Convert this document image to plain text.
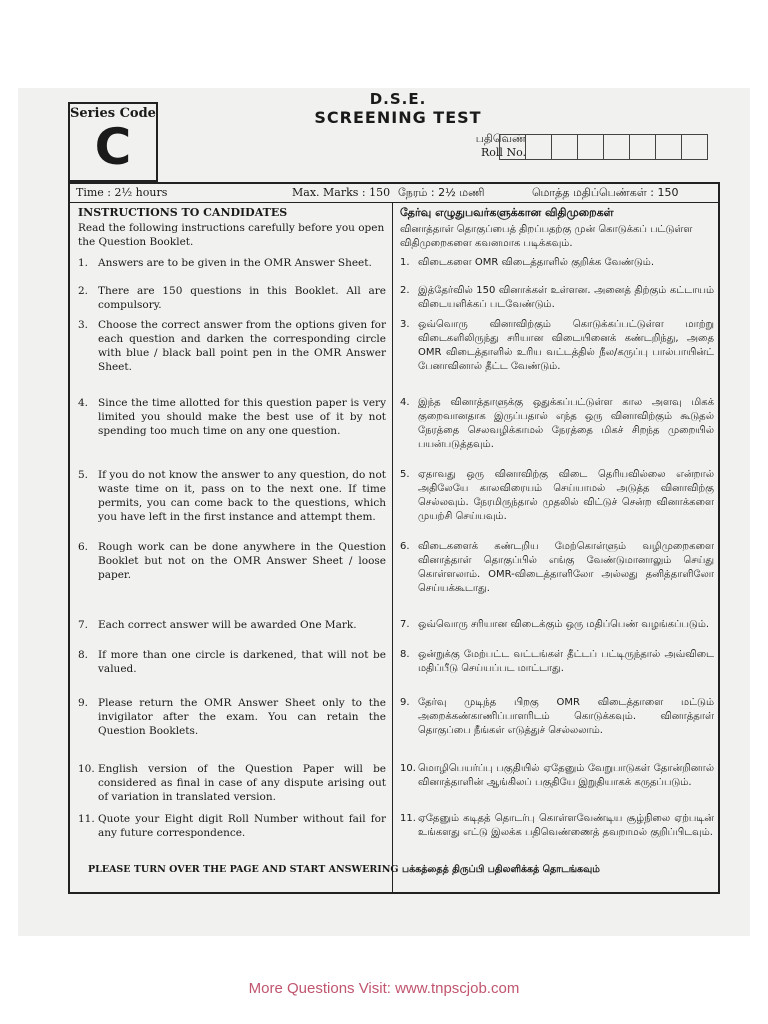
Series Code
C
D.S.E.
SCREENING TEST
பதிவெண்
Roll No.
Time : 2½ hours	Max. Marks : 150 நேரம் : 2½ மணி	மொத்த மதிப்பெண்கள் : 150
INSTRUCTIONS TO CANDIDATES

Read the following instructions carefully before you open the Question Booklet.

1. Answers are to be given in the OMR Answer Sheet.
2. There are 150 questions in this Booklet. All are compulsory.
3. Choose the correct answer from the options given for each question and darken the corresponding circle with blue / black ball point pen in the OMR Answer Sheet.
4. Since the time allotted for this question paper is very limited you should make the best use of it by not spending too much time on any one question.
5. If you do not know the answer to any question, do not waste time on it, pass on to the next one. If time permits, you can come back to the questions, which you have left in the first instance and attempt them.
6. Rough work can be done anywhere in the Question Booklet but not on the OMR Answer Sheet / loose paper.
7. Each correct answer will be awarded One Mark.
8. If more than one circle is darkened, that will not be valued.
9. Please return the OMR Answer Sheet only to the invigilator after the exam. You can retain the Question Booklets.
10. English version of the Question Paper will be considered as final in case of any dispute arising out of variation in translated version.
11. Quote your Eight digit Roll Number without fail for any future correspondence.
தேர்வு எழுதுபவர்களுக்கான விதிமுறைகள்

வினாத்தாள் தொகுப்பைத் திறப்பதற்கு முன் கொடுக்கப் பட்டுள்ள விதிமுறைகளை கவனமாக படிக்கவும்.

1. விடைகளை OMR விடைத்தாளில் குறிக்க வேண்டும்.
2. இத்தேர்வில் 150 வினாக்கள் உள்ளன. அனைத் திற்கும் கட்டாயம் விடையளிக்கப் படவேண்டும்.
3. ஒவ்வொரு வினாவிற்கும் கொடுக்கப்பட்டுள்ள மாற்று விடைகளிலிருந்து சரியான விடையினைக் கண்டறிந்து, அதை OMR விடைத்தாளில் உரிய வட்டத்தில் நீல/கருப்பு பால்பாயின்ட் பேனாவினால் தீட்ட வேண்டும்.
4. இந்த வினாத்தாளுக்கு ஒதுக்கப்பட்டுள்ள கால அளவு மிகக் குறைவானதாக இருப்பதால் எந்த ஒரு வினாவிற்கும் கூடுதல் நேரத்தை செலவழிக்காமல் நேரத்தை மிகச் சிறந்த முறையில் பயன்படுத்தவும்.
5. ஏதாவது ஒரு வினாவிற்கு விடை தெரியவில்லை என்றால் அதிலேயே காலவிரையம் செய்யாமல் அடுத்த வினாவிற்கு செல்லவும். நேரமிருந்தால் முதலில் விட்டுச் சென்ற வினாக்களை முயற்சி செய்யவும்.
6. விடைகளைக் கண்டறிய மேற்கொள்ளும் வழிமுறைகளை வினாத்தாள் தொகுப்பில் எங்கு வேண்டுமானாலும் செய்து கொள்ளலாம். OMR-விடைத்தாளிலோ அல்லது தனித்தாளிலோ செய்யக்கூடாது.
7. ஒவ்வொரு சரியான விடைக்கும் ஒரு மதிப்பெண் வழங்கப்படும்.
8. ஒன்றுக்கு மேற்பட்ட வட்டங்கள் தீட்டப் பட்டிருந்தால் அவ்விடை மதிப்பீடு செய்யப்பட மாட்டாது.
9. தேர்வு முடிந்த பிறகு OMR விடைத்தாளை மட்டும் அறைக்கண்காணிப்பாளரிடம் கொடுக்கவும். வினாத்தாள் தொகுப்பை நீங்கள் எடுத்துச் செல்லலாம்.
10. மொழிபெயர்ப்பு பகுதியில் ஏதேனும் வேறுபாடுகள் தோன்றினால் வினாத்தாளின் ஆங்கிலப் பகுதியே இறுதியாகக் கருதப்படும்.
11. ஏதேனும் கடிதத் தொடர்பு கொள்ளவேண்டிய சூழ்நிலை ஏற்படின் உங்களது எட்டு இலக்க பதிவெண்ணைத் தவறாமல் குறிப்பிடவும்.
PLEASE TURN OVER THE PAGE AND START ANSWERING பக்கத்தைத் திருப்பி பதிலளிக்கத் தொடங்கவும்
More Questions Visit: www.tnpscjob.com
